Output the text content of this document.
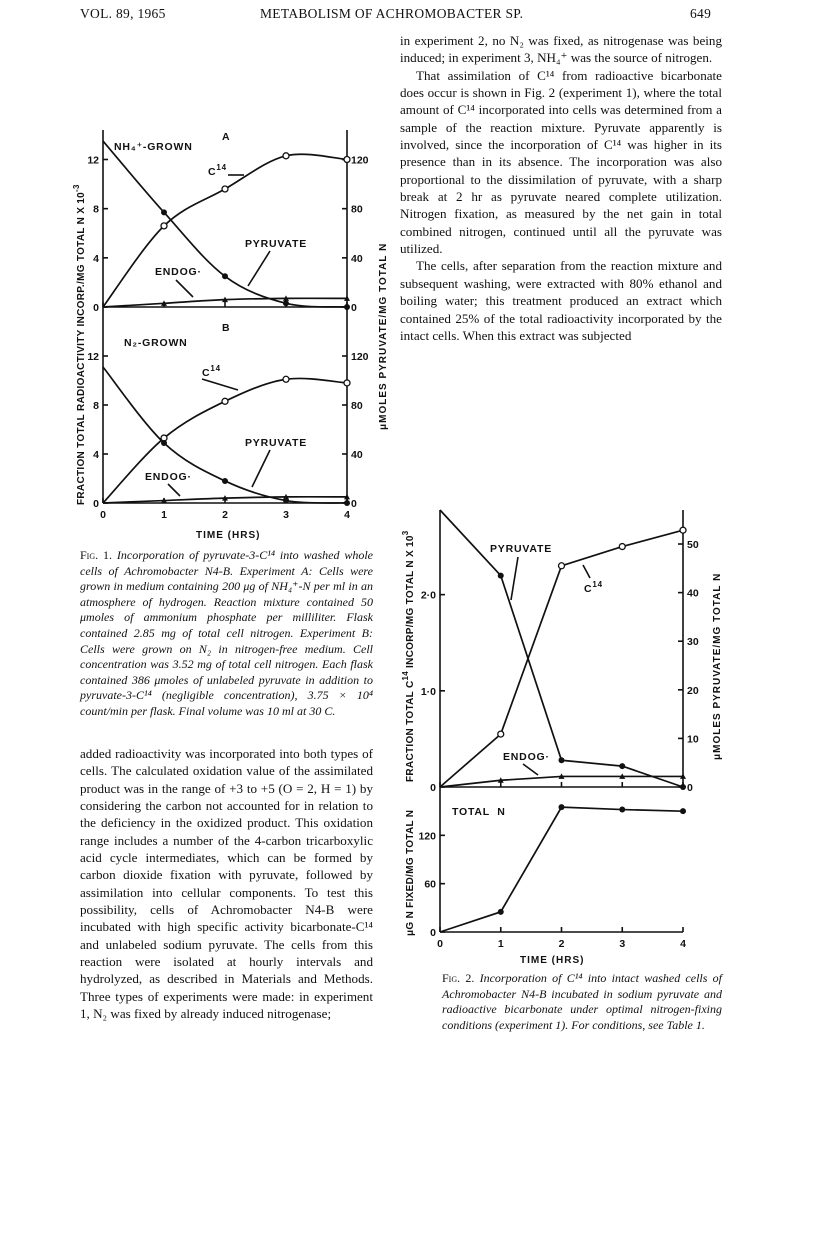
VOL. 89, 1965	METABOLISM OF ACHROMOBACTER SP.	649

in experiment 2, no N₂ was fixed, as nitrogenase was being induced; in experiment 3, NH₄⁺ was the source of nitrogen.

That assimilation of C¹⁴ from radioactive bicarbonate does occur is shown in Fig. 2 (experiment 1), where the total amount of C¹⁴ incorporated into cells was determined from a sample of the reaction mixture. Pyruvate apparently is involved, since the incorporation of C¹⁴ was higher in its presence than in its absence. The incorporation was also proportional to the dissimilation of pyruvate, with a sharp break at 2 hr as pyruvate neared complete utilization. Nitrogen fixation, as measured by the net gain in total combined nitrogen, continued until all the pyruvate was utilized.

The cells, after separation from the reaction mixture and subsequent washing, were extracted with 80% ethanol and boiling water; this treatment produced an extract which contained 25% of the total radioactivity incorporated by the intact cells. When this extract was subjected

added radioactivity was incorporated into both types of cells. The calculated oxidation value of the assimilated product was in the range of +3 to +5 (O = 2, H = 1) by considering the carbon not accounted for in relation to the deficiency in the oxidized product. This oxidation range includes a number of the 4-carbon tricarboxylic acid cycle intermediates, which can be formed by carbon dioxide fixation with pyruvate, followed by assimilation into cellular components. To test this possibility, cells of Achromobacter N4-B were incubated with high specific activity bicarbonate-C¹⁴ and unlabeled sodium pyruvate. The cells from this reaction were isolated at hourly intervals and hydrolyzed, as described in Materials and Methods. Three types of experiments were made: in experiment 1, N₂ was fixed by already induced nitrogenase;

Fig. 1. Incorporation of pyruvate-3-C¹⁴ into washed whole cells of Achromobacter N4-B. Experiment A: Cells were grown in medium containing 200 μg of NH₄⁺-N per ml in an atmosphere of hydrogen. Reaction mixture contained 50 μmoles of ammonium phosphate per milliliter. Flask contained 2.85 mg of total cell nitrogen. Experiment B: Cells were grown on N₂ in nitrogen-free medium. Cell concentration was 3.52 mg of total cell nitrogen. Each flask contained 386 μmoles of unlabeled pyruvate in addition to pyruvate-3-C¹⁴ (negligible concentration), 3.75 × 10⁴ count/min per flask. Final volume was 10 ml at 30 C.
Fig. 2. Incorporation of C¹⁴ into intact washed cells of Achromobacter N4-B incubated in sodium pyruvate and radioactive bicarbonate under optimal nitrogen-fixing conditions (experiment 1). For conditions, see Table 1.
A
NH₄⁺-GROWN
$C^{14}$
PYRUVATE
ENDOG·
B
N₂-GROWN
$C^{14}$
PYRUVATE
ENDOG·
TIME (HRS)
FRACTION TOTAL RADIOACTIVITY INCORP./MG TOTAL N X $10^{-3}$
μMOLES PYRUVATE/MG TOTAL N
PYRUVATE
$C^{14}$
ENDOG·
TOTAL  N
TIME (HRS)
FRACTION TOTAL $C^{14}$ INCORP/MG TOTAL N X $10^3$
μMOLES PYRUVATE/MG TOTAL N
μG N FIXED/MG TOTAL N
0
4
8
12
0
40
80
120
0
4
8
12
0
40
80
120
0	1	2	3	4
0
1·0
2·0
0
10
20
30
40
50
0
60
120
0	1	2	3	4
